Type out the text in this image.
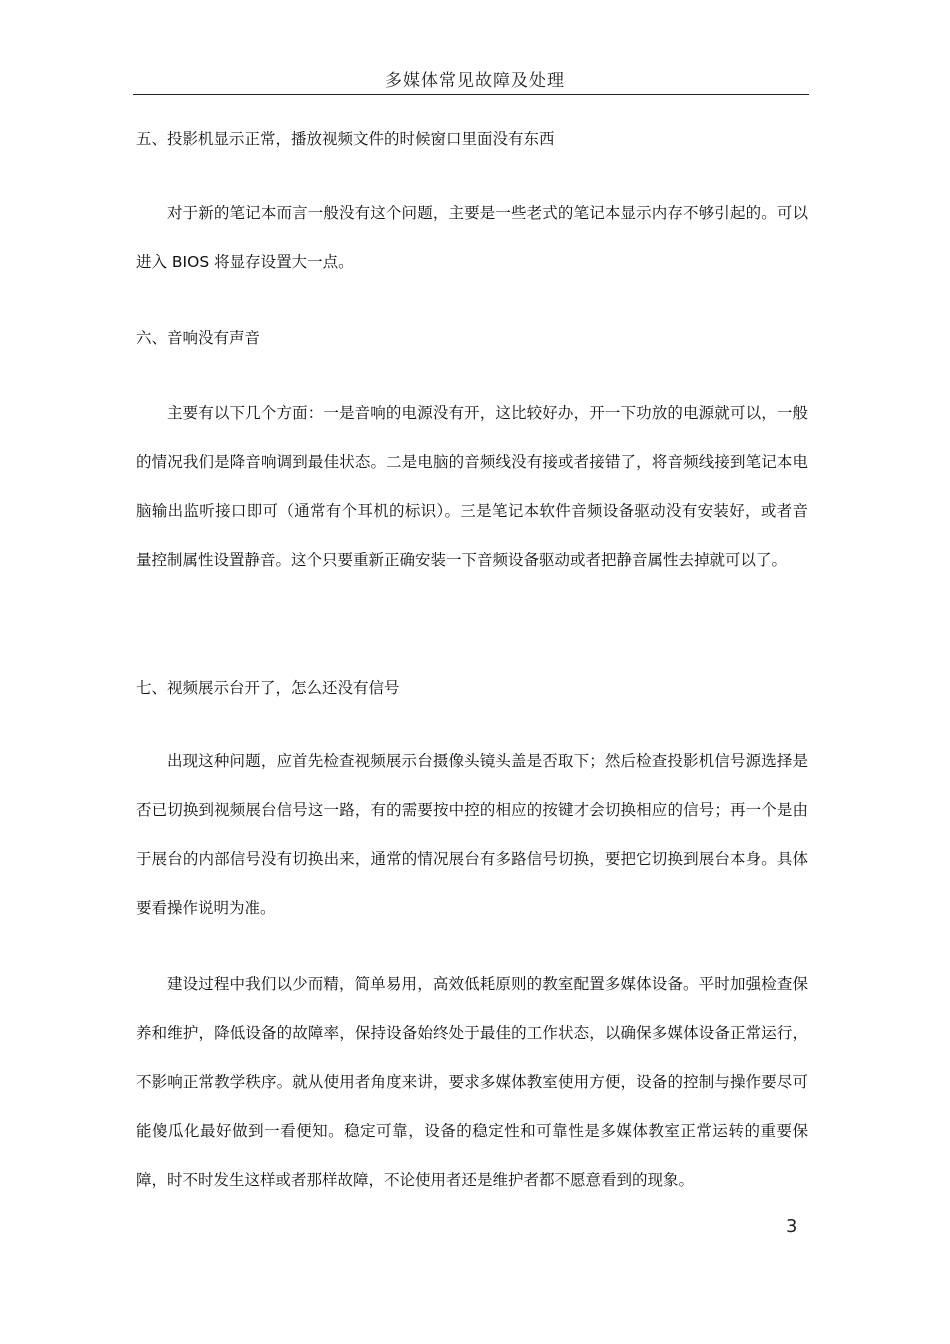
多媒体常见故障及处理
五、投影机显示正常，播放视频文件的时候窗口里面没有东西

对于新的笔记本而言一般没有这个问题，主要是一些老式的笔记本显示内存不够引起的。可以进入 BIOS 将显存设置大一点。

六、音响没有声音

主要有以下几个方面：一是音响的电源没有开，这比较好办，开一下功放的电源就可以，一般的情况我们是降音响调到最佳状态。二是电脑的音频线没有接或者接错了，将音频线接到笔记本电脑输出监听接口即可（通常有个耳机的标识）。三是笔记本软件音频设备驱动没有安装好，或者音量控制属性设置静音。这个只要重新正确安装一下音频设备驱动或者把静音属性去掉就可以了。

七、视频展示台开了，怎么还没有信号

出现这种问题，应首先检查视频展示台摄像头镜头盖是否取下；然后检查投影机信号源选择是否已切换到视频展台信号这一路，有的需要按中控的相应的按键才会切换相应的信号；再一个是由于展台的内部信号没有切换出来，通常的情况展台有多路信号切换，要把它切换到展台本身。具体要看操作说明为准。

建设过程中我们以少而精，简单易用，高效低耗原则的教室配置多媒体设备。平时加强检查保养和维护，降低设备的故障率，保持设备始终处于最佳的工作状态，以确保多媒体设备正常运行，不影响正常教学秩序。就从使用者角度来讲，要求多媒体教室使用方便，设备的控制与操作要尽可能傻瓜化最好做到一看便知。稳定可靠，设备的稳定性和可靠性是多媒体教室正常运转的重要保障，时不时发生这样或者那样故障，不论使用者还是维护者都不愿意看到的现象。

3
